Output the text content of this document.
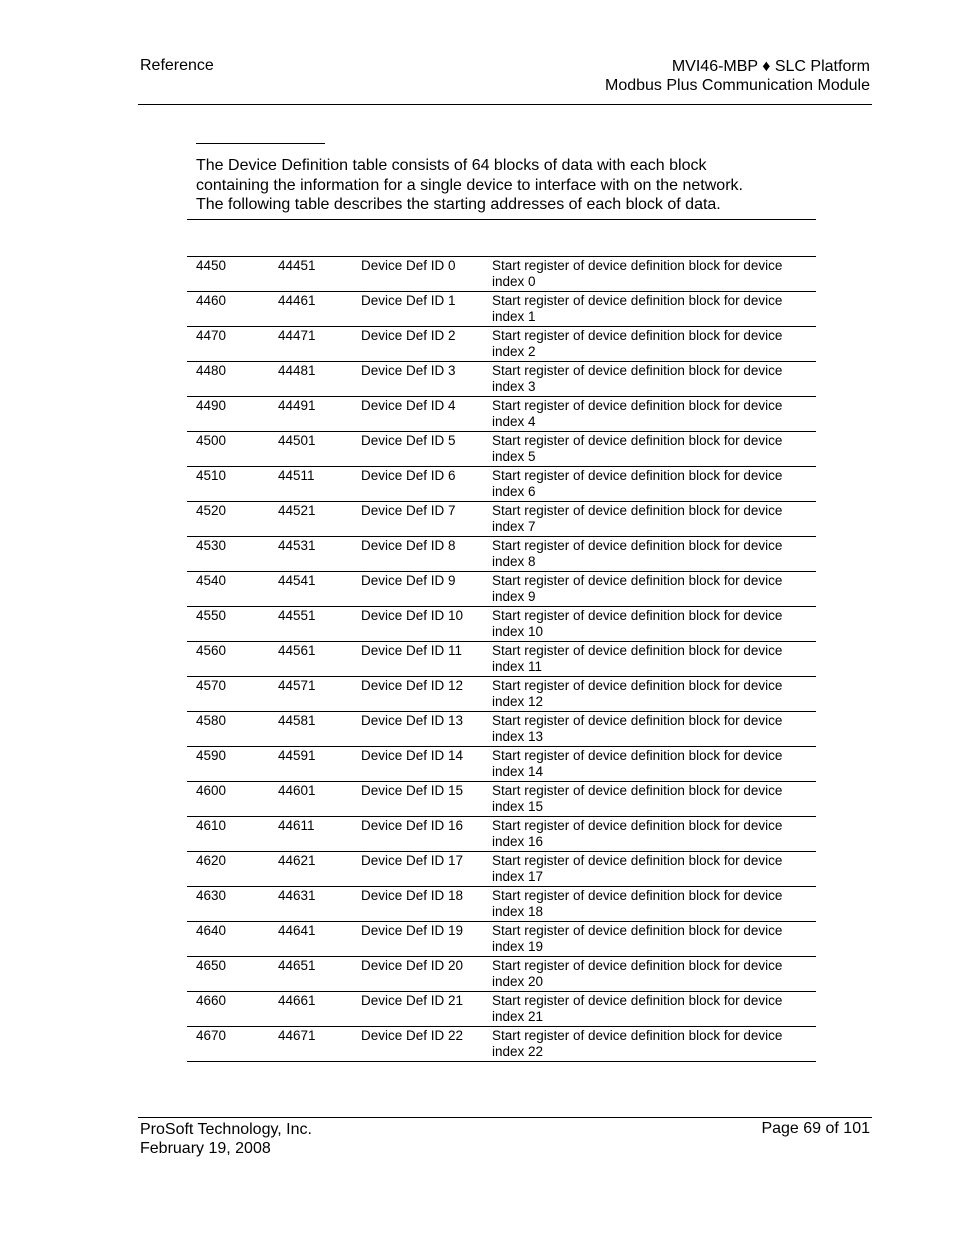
Reference	MVI46-MBP ♦ SLC Platform
Modbus Plus Communication Module
The Device Definition table consists of 64 blocks of data with each block
containing the information for a single device to interface with on the network.
The following table describes the starting addresses of each block of data.
4450	44451	Device Def ID 0	Start register of device definition block for device index 0
4460	44461	Device Def ID 1	Start register of device definition block for device index 1
4470	44471	Device Def ID 2	Start register of device definition block for device index 2
4480	44481	Device Def ID 3	Start register of device definition block for device index 3
4490	44491	Device Def ID 4	Start register of device definition block for device index 4
4500	44501	Device Def ID 5	Start register of device definition block for device index 5
4510	44511	Device Def ID 6	Start register of device definition block for device index 6
4520	44521	Device Def ID 7	Start register of device definition block for device index 7
4530	44531	Device Def ID 8	Start register of device definition block for device index 8
4540	44541	Device Def ID 9	Start register of device definition block for device index 9
4550	44551	Device Def ID 10	Start register of device definition block for device index 10
4560	44561	Device Def ID 11	Start register of device definition block for device index 11
4570	44571	Device Def ID 12	Start register of device definition block for device index 12
4580	44581	Device Def ID 13	Start register of device definition block for device index 13
4590	44591	Device Def ID 14	Start register of device definition block for device index 14
4600	44601	Device Def ID 15	Start register of device definition block for device index 15
4610	44611	Device Def ID 16	Start register of device definition block for device index 16
4620	44621	Device Def ID 17	Start register of device definition block for device index 17
4630	44631	Device Def ID 18	Start register of device definition block for device index 18
4640	44641	Device Def ID 19	Start register of device definition block for device index 19
4650	44651	Device Def ID 20	Start register of device definition block for device index 20
4660	44661	Device Def ID 21	Start register of device definition block for device index 21
4670	44671	Device Def ID 22	Start register of device definition block for device index 22
ProSoft Technology, Inc.
February 19, 2008
Page 69 of 101
